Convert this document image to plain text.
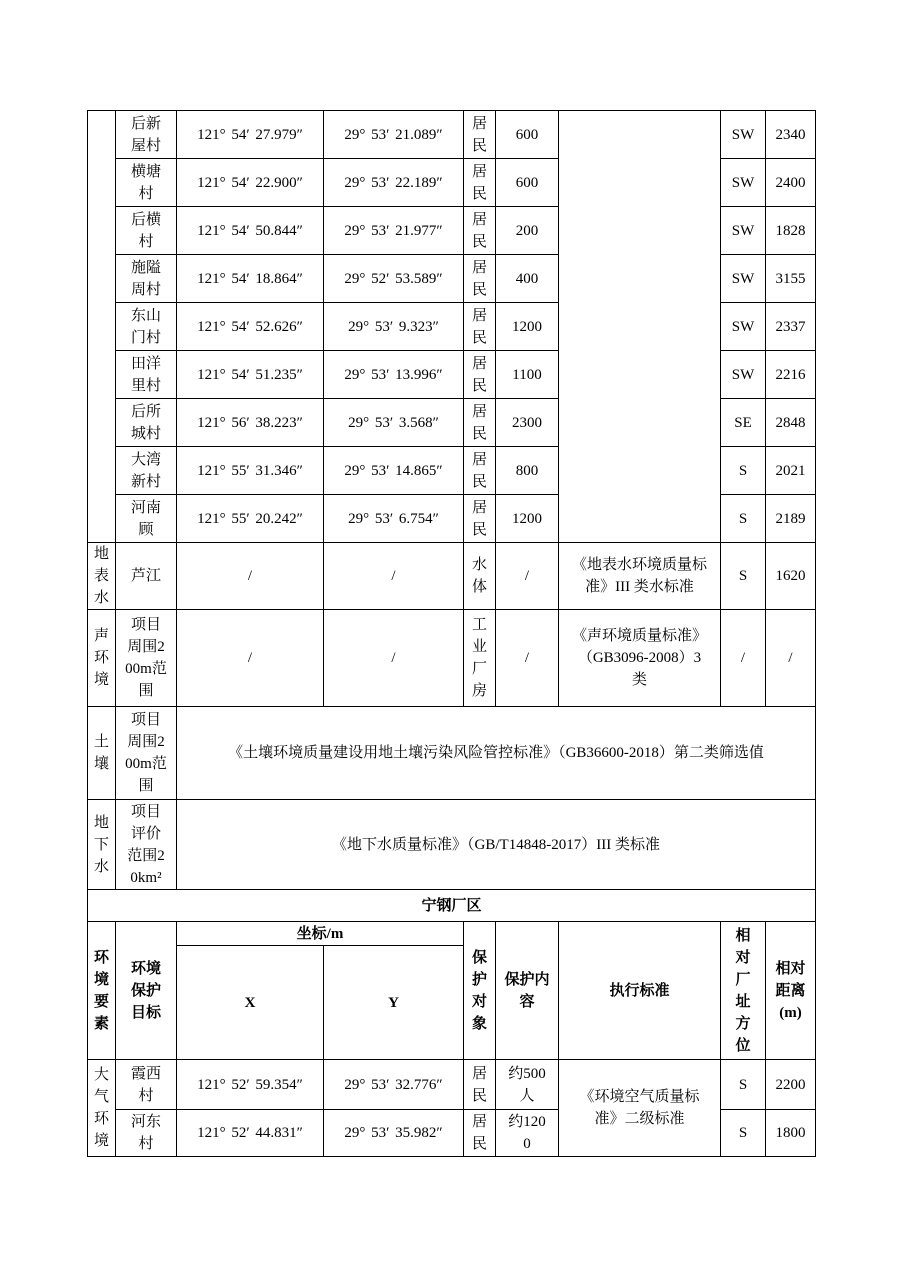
	后新屋村	121° 54′ 27.979″	29° 53′ 21.089″	居民	600		SW	2340
	横塘村	121° 54′ 22.900″	29° 53′ 22.189″	居民	600		SW	2400
	后横村	121° 54′ 50.844″	29° 53′ 21.977″	居民	200		SW	1828
	施隘周村	121° 54′ 18.864″	29° 52′ 53.589″	居民	400		SW	3155
	东山门村	121° 54′ 52.626″	29° 53′ 9.323″	居民	1200		SW	2337
	田洋里村	121° 54′ 51.235″	29° 53′ 13.996″	居民	1100		SW	2216
	后所城村	121° 56′ 38.223″	29° 53′ 3.568″	居民	2300		SE	2848
	大湾新村	121° 55′ 31.346″	29° 53′ 14.865″	居民	800		S	2021
	河南顾	121° 55′ 20.242″	29° 53′ 6.754″	居民	1200		S	2189
地表水	芦江	/	/	水体	/	《地表水环境质量标准》III 类水标准	S	1620
声环境	项目周围200m范围	/	/	工业厂房	/	《声环境质量标准》（GB3096-2008）3 类	/	/
土壤	项目周围200m范围	《土壤环境质量建设用地土壤污染风险管控标准》（GB36600-2018）第二类筛选值						
地下水	项目评价范围20km²	《地下水质量标准》（GB/T14848-2017）III 类标准						
宁钢厂区								
环境要素	环境保护目标	坐标/m		保护对象	保护内容	执行标准	相对厂址方位	相对距离(m)
		X	Y					
大气环境	霞西村	121° 52′ 59.354″	29° 53′ 32.776″	居民	约500人	《环境空气质量标准》二级标准	S	2200
	河东村	121° 52′ 44.831″	29° 53′ 35.982″	居民	约1200		S	1800
